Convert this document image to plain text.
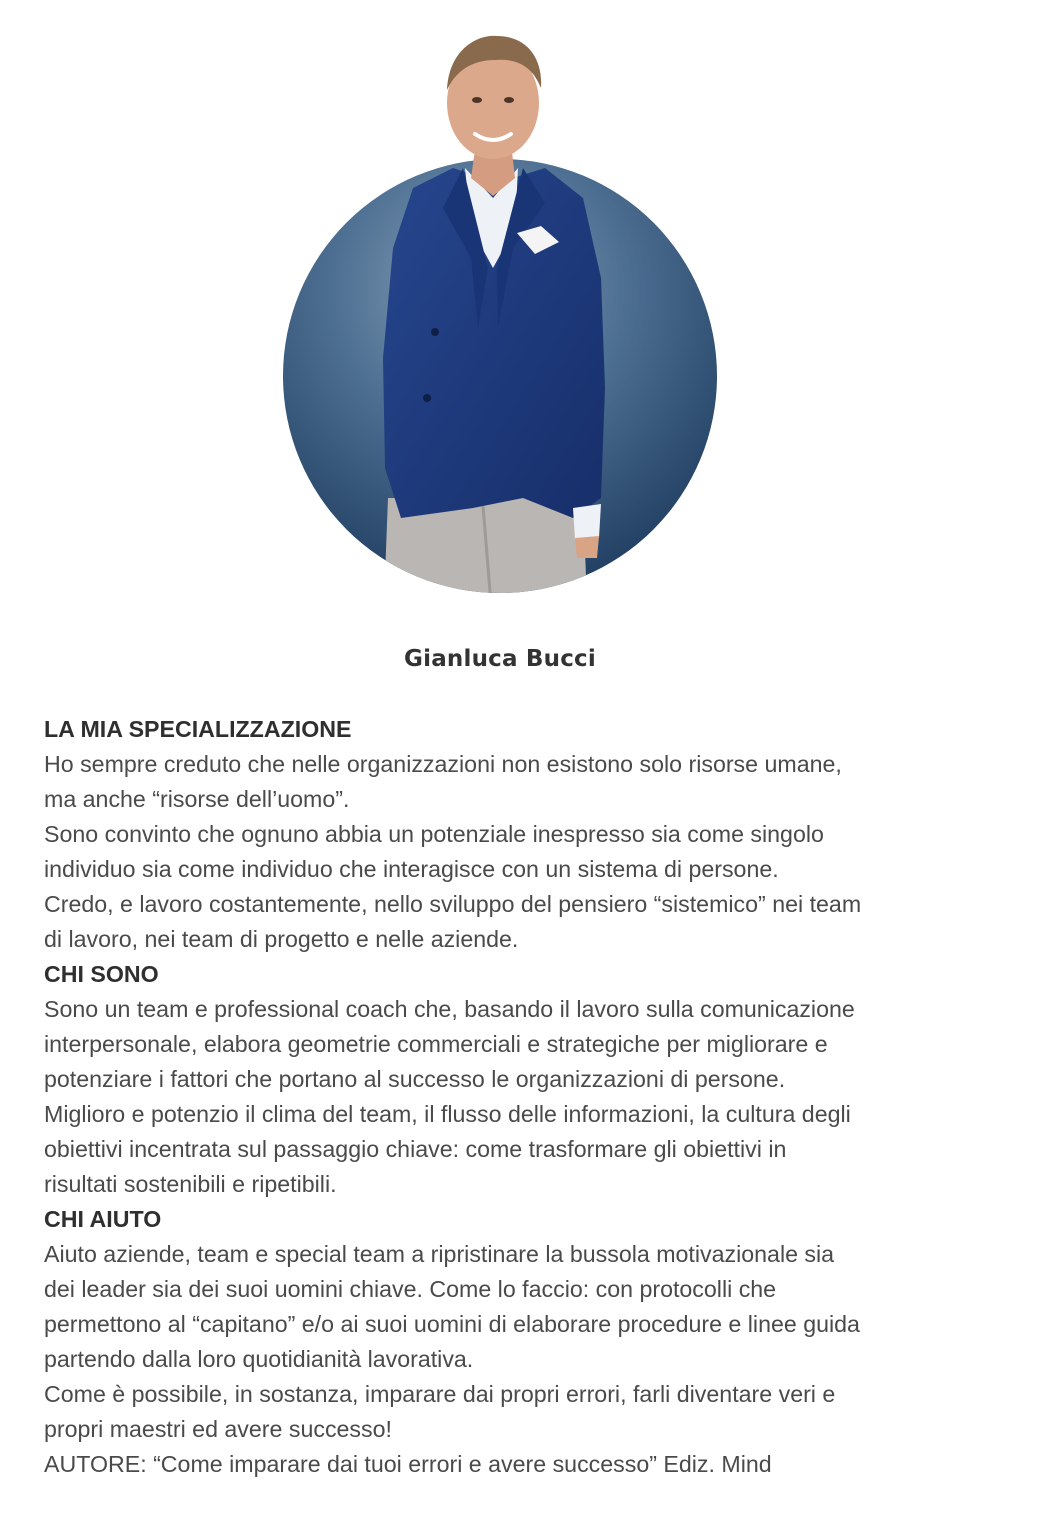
Gianluca Bucci
LA MIA SPECIALIZZAZIONE
Ho sempre creduto che nelle organizzazioni non esistono solo risorse umane,
ma anche “risorse dell’uomo”.
Sono convinto che ognuno abbia un potenziale inespresso sia come singolo
individuo sia come individuo che interagisce con un sistema di persone.
Credo, e lavoro costantemente, nello sviluppo del pensiero “sistemico” nei team
di lavoro, nei team di progetto e nelle aziende.
CHI SONO
Sono un team e professional coach che, basando il lavoro sulla comunicazione
interpersonale, elabora geometrie commerciali e strategiche per migliorare e
potenziare i fattori che portano al successo le organizzazioni di persone.
Miglioro e potenzio il clima del team, il flusso delle informazioni, la cultura degli
obiettivi incentrata sul passaggio chiave: come trasformare gli obiettivi in
risultati sostenibili e ripetibili.
CHI AIUTO
Aiuto aziende, team e special team a ripristinare la bussola motivazionale sia
dei leader sia dei suoi uomini chiave. Come lo faccio: con protocolli che
permettono al “capitano” e/o ai suoi uomini di elaborare procedure e linee guida
partendo dalla loro quotidianità lavorativa.
Come è possibile, in sostanza, imparare dai propri errori, farli diventare veri e
propri maestri ed avere successo!
AUTORE: “Come imparare dai tuoi errori e avere successo” Ediz. Mind
